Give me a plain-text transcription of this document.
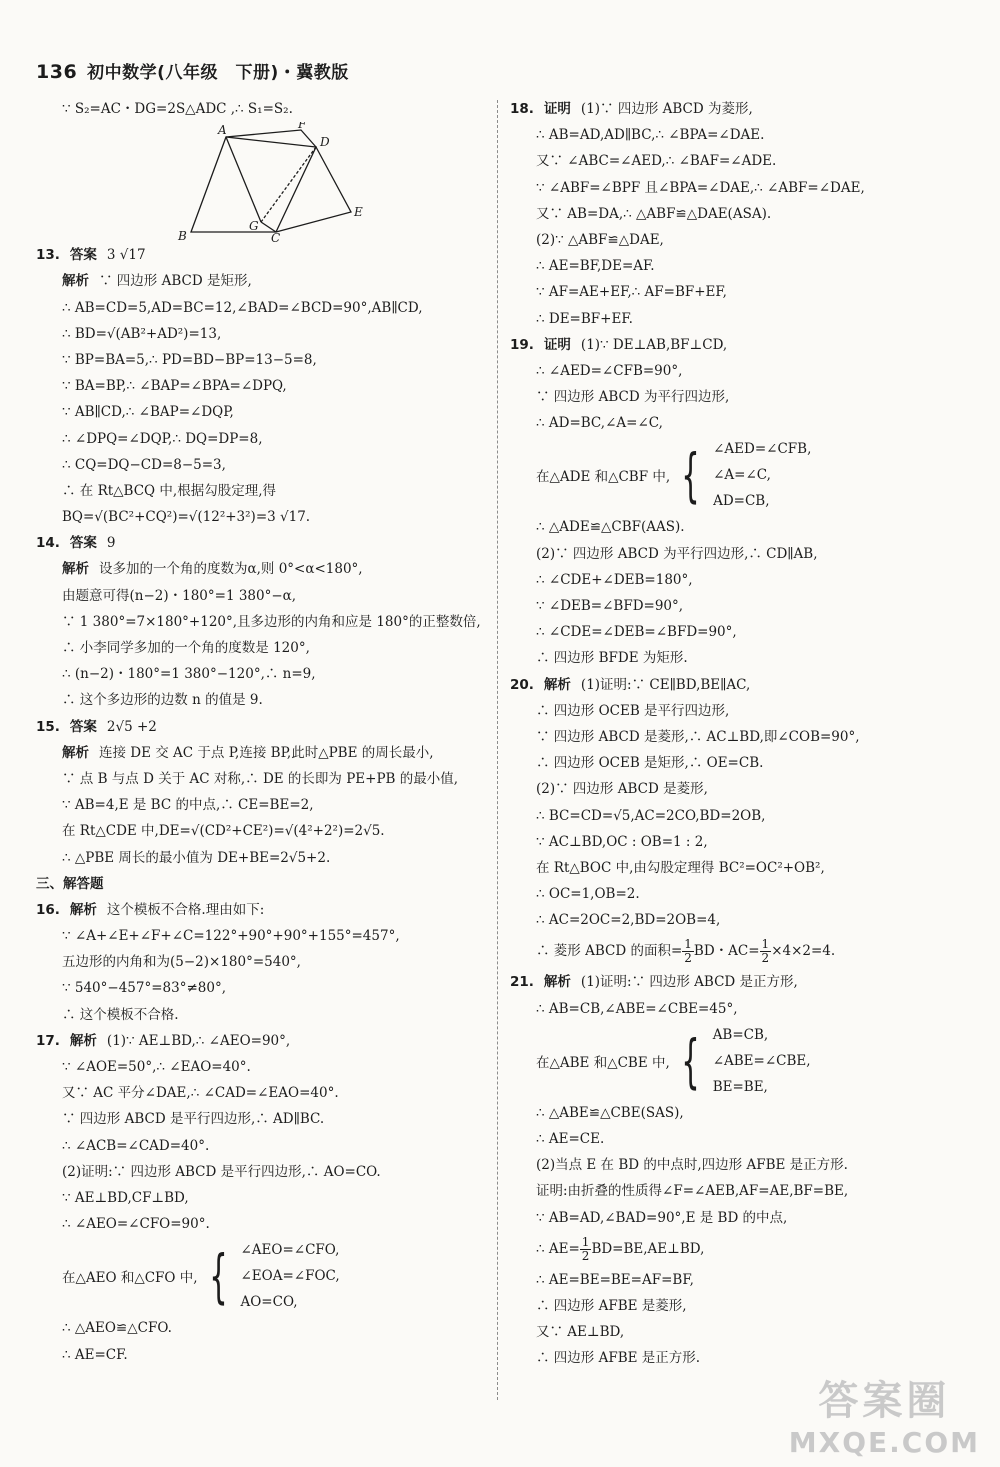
136 初中数学(八年级　下册)・冀教版
∵ S₂=AC・DG=2S△ADC ,∴ S₁=S₂.
A
B	C
D
E
F
G
13. 答案 3 √17
解析 ∵ 四边形 ABCD 是矩形,
∴ AB=CD=5,AD=BC=12,∠BAD=∠BCD=90°,AB∥CD,
∴ BD=√(AB²+AD²)=13,
∵ BP=BA=5,∴ PD=BD−BP=13−5=8,
∵ BA=BP,∴ ∠BAP=∠BPA=∠DPQ,
∵ AB∥CD,∴ ∠BAP=∠DQP,
∴ ∠DPQ=∠DQP,∴ DQ=DP=8,
∴ CQ=DQ−CD=8−5=3,
∴ 在 Rt△BCQ 中,根据勾股定理,得
BQ=√(BC²+CQ²)=√(12²+3²)=3 √17.
14. 答案 9
解析 设多加的一个角的度数为α,则 0°<α<180°,
由题意可得(n−2)・180°=1 380°−α,
∵ 1 380°=7×180°+120°,且多边形的内角和应是 180°的正整数倍,
∴ 小李同学多加的一个角的度数是 120°,
∴ (n−2)・180°=1 380°−120°,∴ n=9,
∴ 这个多边形的边数 n 的值是 9.
15. 答案 2√5 +2
解析 连接 DE 交 AC 于点 P,连接 BP,此时△PBE 的周长最小,
∵ 点 B 与点 D 关于 AC 对称,∴ DE 的长即为 PE+PB 的最小值,
∵ AB=4,E 是 BC 的中点,∴ CE=BE=2,
在 Rt△CDE 中,DE=√(CD²+CE²)=√(4²+2²)=2√5.
∴ △PBE 周长的最小值为 DE+BE=2√5+2.
三、解答题
16. 解析 这个模板不合格.理由如下:
∵ ∠A+∠E+∠F+∠C=122°+90°+90°+155°=457°,
五边形的内角和为(5−2)×180°=540°,
∵ 540°−457°=83°≠80°,
∴ 这个模板不合格.
17. 解析 (1)∵ AE⊥BD,∴ ∠AEO=90°,
∵ ∠AOE=50°,∴ ∠EAO=40°.
又∵ AC 平分∠DAE,∴ ∠CAD=∠EAO=40°.
∵ 四边形 ABCD 是平行四边形,∴ AD∥BC.
∴ ∠ACB=∠CAD=40°.
(2)证明:∵ 四边形 ABCD 是平行四边形,∴ AO=CO.
∵ AE⊥BD,CF⊥BD,
∴ ∠AEO=∠CFO=90°.
在△AEO 和△CFO 中, { ∠AEO=∠CFO,
∠EOA=∠FOC,
AO=CO,
∴ △AEO≌△CFO.
∴ AE=CF.
18. 证明 (1)∵ 四边形 ABCD 为菱形,
∴ AB=AD,AD∥BC,∴ ∠BPA=∠DAE.
又∵ ∠ABC=∠AED,∴ ∠BAF=∠ADE.
∵ ∠ABF=∠BPF 且∠BPA=∠DAE,∴ ∠ABF=∠DAE,
又∵ AB=DA,∴ △ABF≌△DAE(ASA).
(2)∵ △ABF≌△DAE,
∴ AE=BF,DE=AF.
∵ AF=AE+EF,∴ AF=BF+EF,
∴ DE=BF+EF.
19. 证明 (1)∵ DE⊥AB,BF⊥CD,
∴ ∠AED=∠CFB=90°,
∵ 四边形 ABCD 为平行四边形,
∴ AD=BC,∠A=∠C,
在△ADE 和△CBF 中, { ∠AED=∠CFB,
∠A=∠C,
AD=CB,
∴ △ADE≌△CBF(AAS).
(2)∵ 四边形 ABCD 为平行四边形,∴ CD∥AB,
∴ ∠CDE+∠DEB=180°,
∵ ∠DEB=∠BFD=90°,
∴ ∠CDE=∠DEB=∠BFD=90°,
∴ 四边形 BFDE 为矩形.
20. 解析 (1)证明:∵ CE∥BD,BE∥AC,
∴ 四边形 OCEB 是平行四边形,
∵ 四边形 ABCD 是菱形,∴ AC⊥BD,即∠COB=90°,
∴ 四边形 OCEB 是矩形,∴ OE=CB.
(2)∵ 四边形 ABCD 是菱形,
∴ BC=CD=√5,AC=2CO,BD=2OB,
∵ AC⊥BD,OC : OB=1 : 2,
在 Rt△BOC 中,由勾股定理得 BC²=OC²+OB²,
∴ OC=1,OB=2.
∴ AC=2OC=2,BD=2OB=4,
∴ 菱形 ABCD 的面积= $\frac{1}{2}$ BD・$AC= \frac{1}{2} \times 4\times 2=4$.
21. 解析 (1)证明:∵ 四边形 ABCD 是正方形,
∴ AB=CB,∠ABE=∠CBE=45°,
在△ABE 和△CBE 中, { AB=CB,
∠ABE=∠CBE,
BE=BE,
∴ △ABE≌△CBE(SAS),
∴ AE=CE.
(2)当点 E 在 BD 的中点时,四边形 AFBE 是正方形.
证明:由折叠的性质得∠F=∠AEB,AF=AE,BF=BE,
∵ AB=AD,∠BAD=90°,E 是 BD 的中点,
∴ $AE= \frac{1}{2}$ BD=BE,AE⊥BD,
∴ AE=BE=BE=AF=BF,
∴ 四边形 AFBE 是菱形,
又∵ AE⊥BD,
∴ 四边形 AFBE 是正方形.
答案圈
MXQE.COM
